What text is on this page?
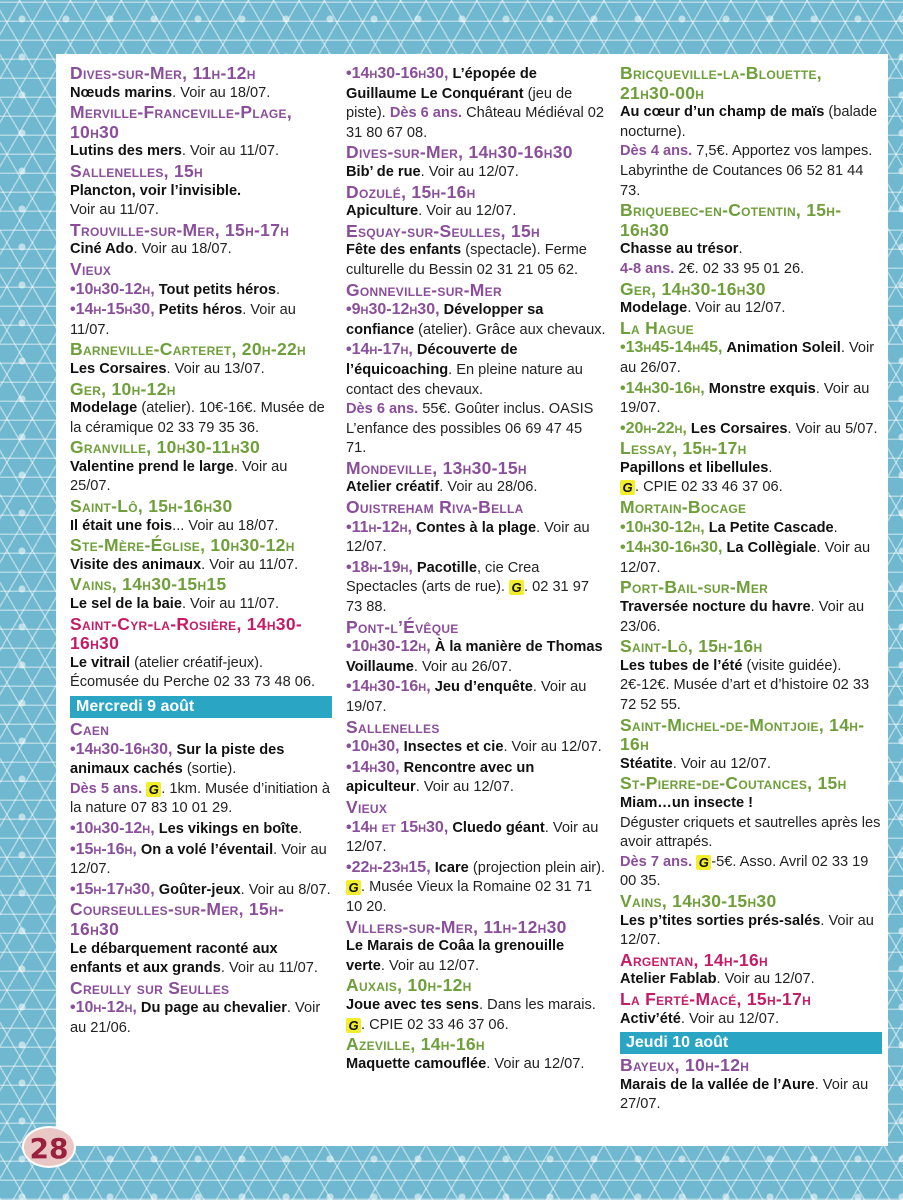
Dives-sur-Mer, 11h-12h
Nœuds marins. Voir au 18/07.
Merville-Franceville-Plage, 10h30
Lutins des mers. Voir au 11/07.
Sallenelles, 15h
Plancton, voir l’invisible.
Voir au 11/07.
Trouville-sur-Mer, 15h-17h
Ciné Ado. Voir au 18/07.
Vieux
•10h30-12h, Tout petits héros.
•14h-15h30, Petits héros. Voir au 11/07.
Barneville-Carteret, 20h-22h
Les Corsaires. Voir au 13/07.
Ger, 10h-12h
Modelage (atelier). 10€-16€. Musée de la céramique 02 33 79 35 36.
Granville, 10h30-11h30
Valentine prend le large. Voir au 25/07.
Saint-Lô, 15h-16h30
Il était une fois... Voir au 18/07.
Ste-Mère-Église, 10h30-12h
Visite des animaux. Voir au 11/07.
Vains, 14h30-15h15
Le sel de la baie. Voir au 11/07.
Saint-Cyr-la-Rosière, 14h30-16h30
Le vitrail (atelier créatif-jeux). Écomusée du Perche 02 33 73 48 06.
Mercredi 9 août
Caen
•14h30-16h30, Sur la piste des animaux cachés (sortie).
Dès 5 ans. G . 1km. Musée d’initiation à la nature 07 83 10 01 29.
•10h30-12h, Les vikings en boîte.
•15h-16h, On a volé l’éventail. Voir au 12/07.
•15h-17h30, Goûter-jeux. Voir au 8/07.
Courseulles-sur-Mer, 15h-16h30
Le débarquement raconté aux enfants et aux grands. Voir au 11/07.
Creully sur Seulles
•10h-12h, Du page au chevalier. Voir au 21/06.
•14h30-16h30, L’épopée de Guillaume Le Conquérant (jeu de piste). Dès 6 ans. Château Médiéval 02 31 80 67 08.
Dives-sur-Mer, 14h30-16h30
Bib’ de rue. Voir au 12/07.
Dozulé, 15h-16h
Apiculture. Voir au 12/07.
Esquay-sur-Seulles, 15h
Fête des enfants (spectacle). Ferme culturelle du Bessin 02 31 21 05 62.
Gonneville-sur-Mer
•9h30-12h30, Développer sa confiance (atelier). Grâce aux chevaux.
•14h-17h, Découverte de l’équicoaching. En pleine nature au contact des chevaux.
Dès 6 ans. 55€. Goûter inclus. OASIS L’enfance des possibles 06 69 47 45 71.
Mondeville, 13h30-15h
Atelier créatif. Voir au 28/06.
Ouistreham Riva-Bella
•11h-12h, Contes à la plage. Voir au 12/07.
•18h-19h, Pacotille, cie Crea Spectacles (arts de rue). G . 02 31 97 73 88.
Pont-l’Évêque
•10h30-12h, À la manière de Thomas Voillaume. Voir au 26/07.
•14h30-16h, Jeu d’enquête. Voir au 19/07.
Sallenelles
•10h30, Insectes et cie. Voir au 12/07.
•14h30, Rencontre avec un apiculteur. Voir au 12/07.
Vieux
•14h et 15h30, Cluedo géant. Voir au 12/07.
•22h-23h15, Icare (projection plein air). G . Musée Vieux la Romaine 02 31 71 10 20.
Villers-sur-Mer, 11h-12h30
Le Marais de Coâa la grenouille verte. Voir au 12/07.
Auxais, 10h-12h
Joue avec tes sens. Dans les marais.
G . CPIE 02 33 46 37 06.
Azeville, 14h-16h
Maquette camouflée. Voir au 12/07.
Bricqueville-la-Blouette, 21h30-00h
Au cœur d’un champ de maïs (balade nocturne).
Dès 4 ans. 7,5€. Apportez vos lampes. Labyrinthe de Coutances 06 52 81 44 73.
Briquebec-en-Cotentin, 15h-16h30
Chasse au trésor.
4-8 ans. 2€. 02 33 95 01 26.
Ger, 14h30-16h30
Modelage. Voir au 12/07.
La Hague
•13h45-14h45, Animation Soleil. Voir au 26/07.
•14h30-16h, Monstre exquis. Voir au 19/07.
•20h-22h, Les Corsaires. Voir au 5/07.
Lessay, 15h-17h
Papillons et libellules.
G . CPIE 02 33 46 37 06.
Mortain-Bocage
•10h30-12h, La Petite Cascade.
•14h30-16h30, La Collègiale. Voir au 12/07.
Port-Bail-sur-Mer
Traversée nocture du havre. Voir au 23/06.
Saint-Lô, 15h-16h
Les tubes de l’été (visite guidée). 2€-12€. Musée d’art et d’histoire 02 33 72 52 55.
Saint-Michel-de-Montjoie, 14h-16h
Stéatite. Voir au 12/07.
St-Pierre-de-Coutances, 15h
Miam…un insecte !
Déguster criquets et sautrelles après les avoir attrapés.
Dès 7 ans. G -5€. Asso. Avril 02 33 19 00 35.
Vains, 14h30-15h30
Les p’tites sorties prés-salés. Voir au 12/07.
Argentan, 14h-16h
Atelier Fablab. Voir au 12/07.
La Ferté-Macé, 15h-17h
Activ’été. Voir au 12/07.
Jeudi 10 août
Bayeux, 10h-12h
Marais de la vallée de l’Aure. Voir au 27/07.
28
